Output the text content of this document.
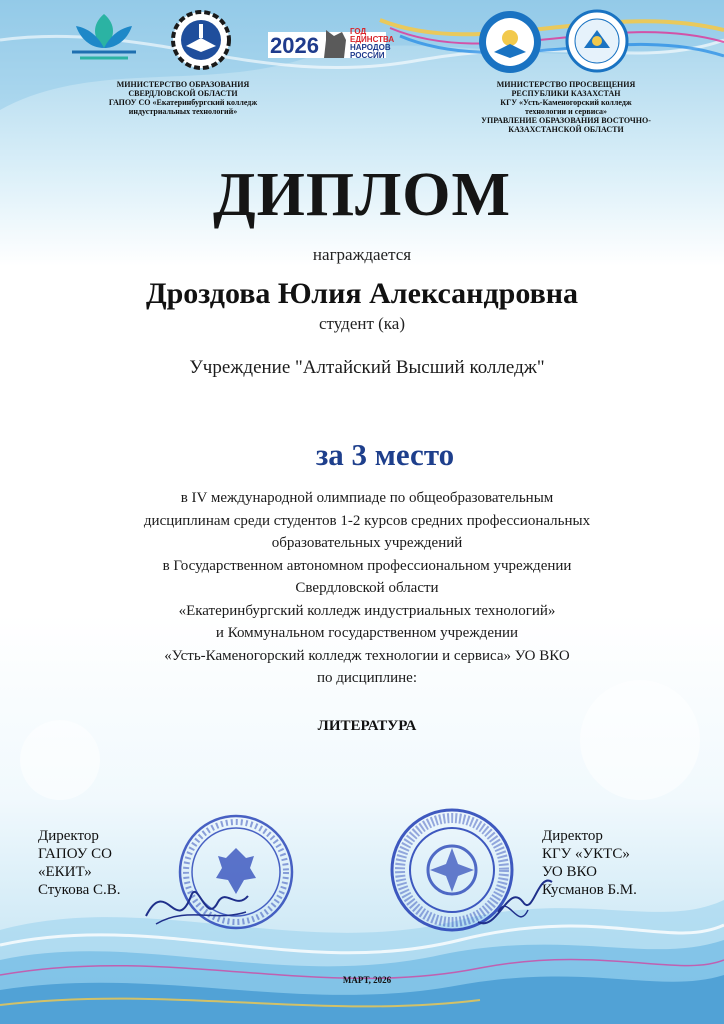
2026
ГОД
ЕДИНСТВА
НАРОДОВ
РОССИИ
МИНИСТЕРСТВО ОБРАЗОВАНИЯ
СВЕРДЛОВСКОЙ ОБЛАСТИ
ГАПОУ СО «Екатеринбургский колледж
индустриальных технологий»
МИНИСТЕРСТВО ПРОСВЕЩЕНИЯ
РЕСПУБЛИКИ КАЗАХСТАН
КГУ «Усть-Каменогорский колледж
технологии и сервиса»
УПРАВЛЕНИЕ ОБРАЗОВАНИЯ ВОСТОЧНО-
КАЗАХСТАНСКОЙ ОБЛАСТИ
ДИПЛОМ
награждается
Дроздова Юлия Александровна
студент (ка)
Учреждение "Алтайский Высший колледж"
за 3 место
в IV международной олимпиаде по общеобразовательным
дисциплинам среди студентов 1-2 курсов средних профессиональных
образовательных учреждений
в Государственном автономном профессиональном учреждении
Свердловской области
«Екатеринбургский колледж индустриальных технологий»
и Коммунальном государственном учреждении
«Усть-Каменогорский колледж технологии и сервиса» УО ВКО
по дисциплине:
ЛИТЕРАТУРА
Директор
ГАПОУ СО
«ЕКИТ»
Стукова С.В.
Директор
КГУ «УКТС»
УО ВКО
Кусманов Б.М.
МАРТ, 2026
